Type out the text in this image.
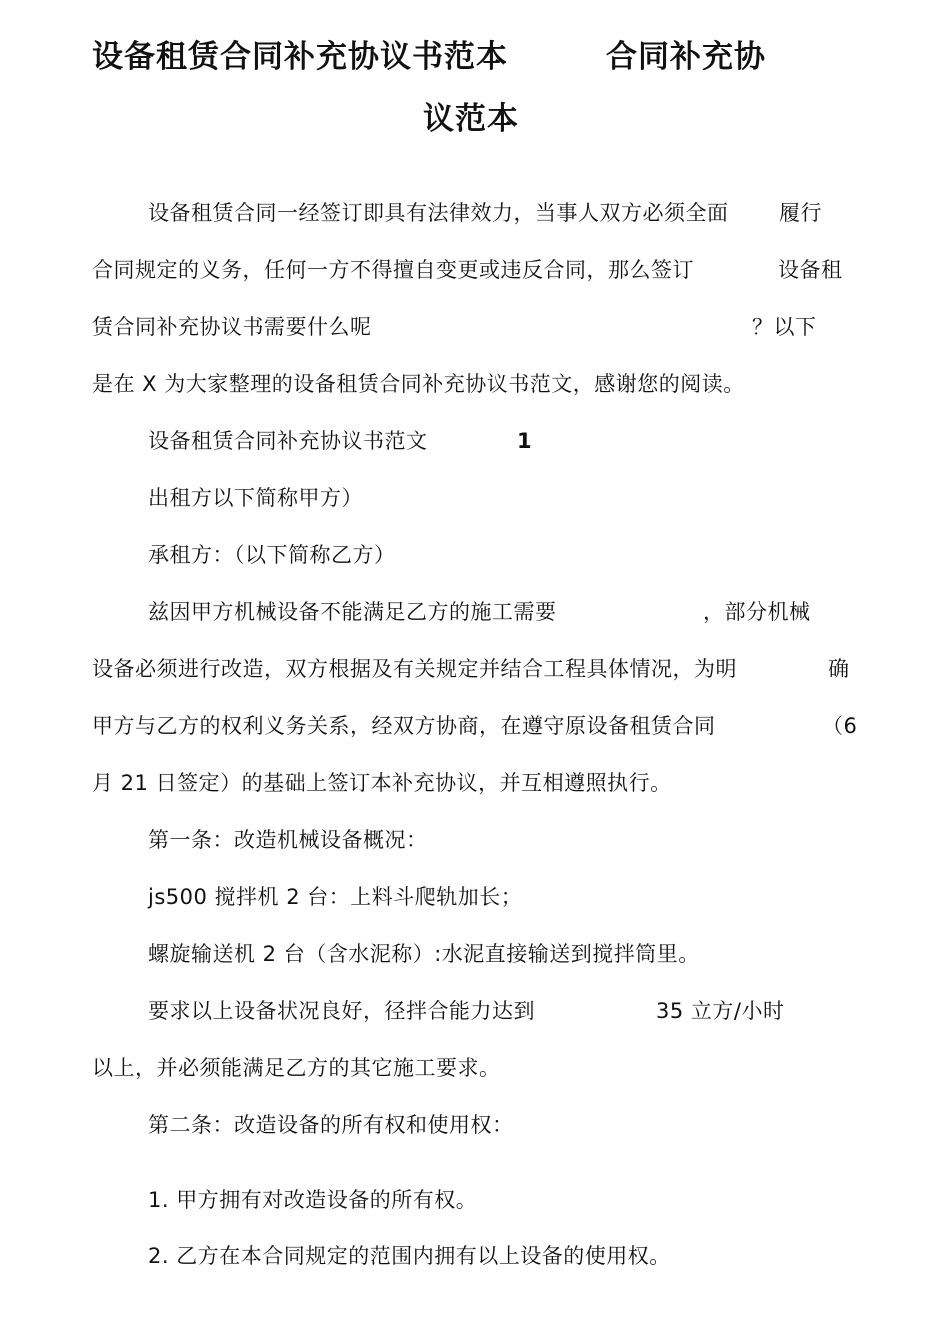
设备租赁合同补充协议书范本	合同补充协
议范本
设备租赁合同一经签订即具有法律效力，当事人双方必须全面 履行
合同规定的义务，任何一方不得擅自变更或违反合同，那么签订	设备租
赁合同补充协议书需要什么呢	？以下
是在 X 为大家整理的设备租赁合同补充协议书范文，感谢您的阅读。
设备租赁合同补充协议书范文	1
出租方以下简称甲方）
承租方：（以下简称乙方）
兹因甲方机械设备不能满足乙方的施工需要	，部分机械
设备必须进行改造，双方根据及有关规定并结合工程具体情况，为明	确
甲方与乙方的权利义务关系，经双方协商，在遵守原设备租赁合同	（6
月 21 日签定）的基础上签订本补充协议，并互相遵照执行。
第一条：改造机械设备概况：
js500 搅拌机 2 台：上料斗爬轨加长；
螺旋输送机 2 台（含水泥称）:水泥直接输送到搅拌筒里。
要求以上设备状况良好，径拌合能力达到	35 立方/小时
以上，并必须能满足乙方的其它施工要求。
第二条：改造设备的所有权和使用权：
1. 甲方拥有对改造设备的所有权。
2. 乙方在本合同规定的范围内拥有以上设备的使用权。
